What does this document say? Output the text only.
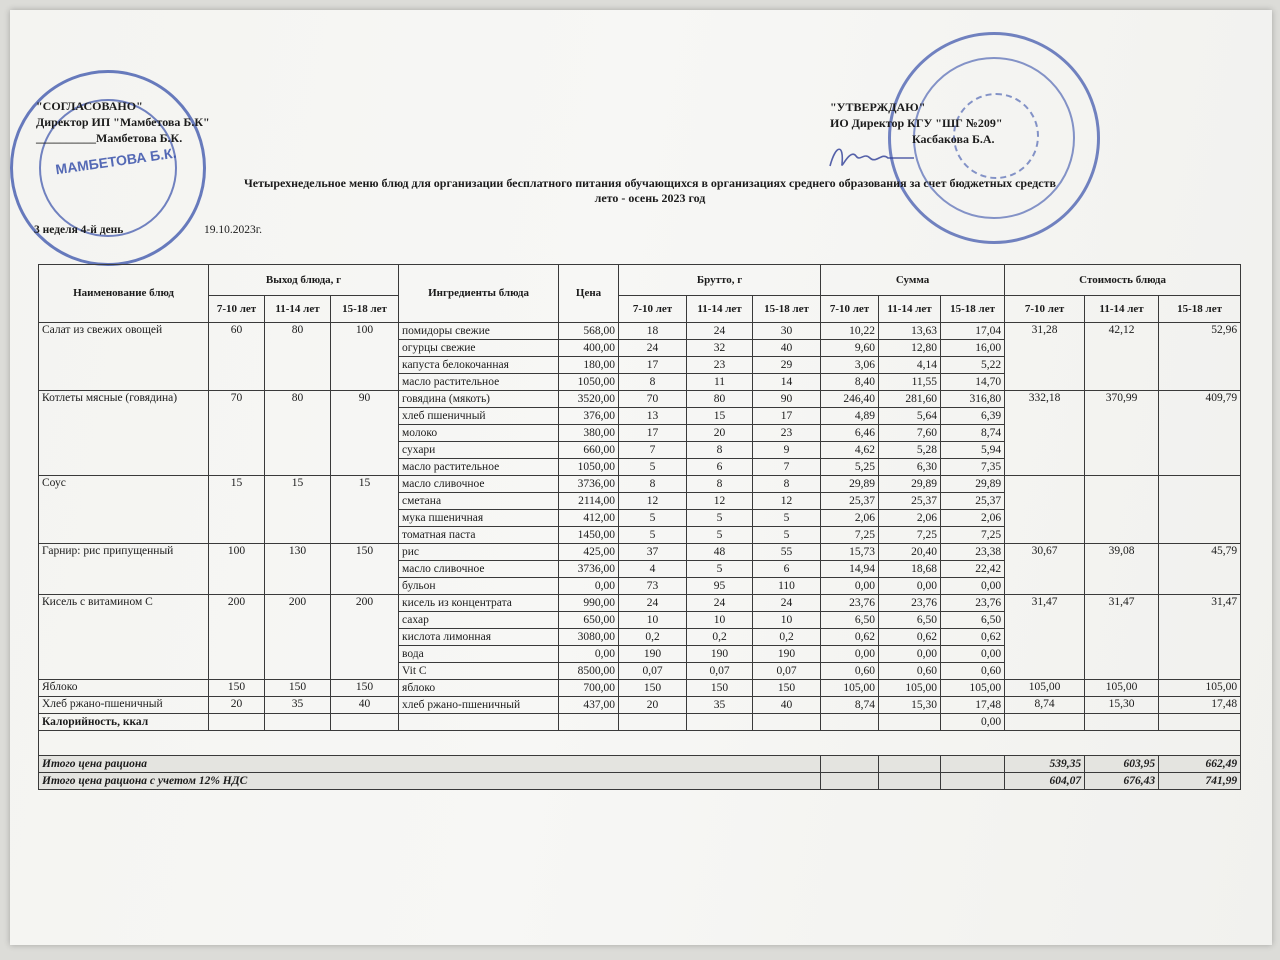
МАМБЕТОВА Б.К.
"СОГЛАСОВАНО"
Директор ИП "Мамбетова Б.К"
__________Мамбетова Б.К.
"УТВЕРЖДАЮ"
ИО Директор КГУ "ШГ №209"
Касбакова Б.А.
Четырехнедельное меню блюд для организации бесплатного питания обучающихся в организациях среднего образования за счет бюджетных средств
лето - осень 2023 год
3 неделя 4-й день	19.10.2023г.
Наименование блюд	Выход блюда, г			Ингредиенты блюда	Цена	Брутто, г			Сумма			Стоимость блюда		
	7-10 лет	11-14 лет	15-18 лет			7-10 лет	11-14 лет	15-18 лет	7-10 лет	11-14 лет	15-18 лет	7-10 лет	11-14 лет	15-18 лет
Салат из свежих овощей	60	80	100	помидоры свежие	568,00	18	24	30	10,22	13,63	17,04	31,28	42,12	52,96
				огурцы свежие	400,00	24	32	40	9,60	12,80	16,00			
				капуста белокочанная	180,00	17	23	29	3,06	4,14	5,22			
				масло растительное	1050,00	8	11	14	8,40	11,55	14,70			
Котлеты мясные (говядина)	70	80	90	говядина (мякоть)	3520,00	70	80	90	246,40	281,60	316,80	332,18	370,99	409,79
				хлеб пшеничный	376,00	13	15	17	4,89	5,64	6,39			
				молоко	380,00	17	20	23	6,46	7,60	8,74			
				сухари	660,00	7	8	9	4,62	5,28	5,94			
				масло растительное	1050,00	5	6	7	5,25	6,30	7,35			
Соус	15	15	15	масло сливочное	3736,00	8	8	8	29,89	29,89	29,89			
				сметана	2114,00	12	12	12	25,37	25,37	25,37			
				мука пшеничная	412,00	5	5	5	2,06	2,06	2,06			
				томатная паста	1450,00	5	5	5	7,25	7,25	7,25			
Гарнир: рис припущенный	100	130	150	рис	425,00	37	48	55	15,73	20,40	23,38	30,67	39,08	45,79
				масло сливочное	3736,00	4	5	6	14,94	18,68	22,42			
				бульон	0,00	73	95	110	0,00	0,00	0,00			
Кисель с витамином С	200	200	200	кисель из концентрата	990,00	24	24	24	23,76	23,76	23,76	31,47	31,47	31,47
				сахар	650,00	10	10	10	6,50	6,50	6,50			
				кислота лимонная	3080,00	0,2	0,2	0,2	0,62	0,62	0,62			
				вода	0,00	190	190	190	0,00	0,00	0,00			
				Vit C	8500,00	0,07	0,07	0,07	0,60	0,60	0,60			
Яблоко	150	150	150	яблоко	700,00	150	150	150	105,00	105,00	105,00	105,00	105,00	105,00
Хлеб ржано-пшеничный	20	35	40	хлеб ржано-пшеничный	437,00	20	35	40	8,74	15,30	17,48	8,74	15,30	17,48
Калорийность, ккал											0,00			

Итого цена рациона												539,35	603,95	662,49
Итого цена рациона с учетом 12% НДС												604,07	676,43	741,99
